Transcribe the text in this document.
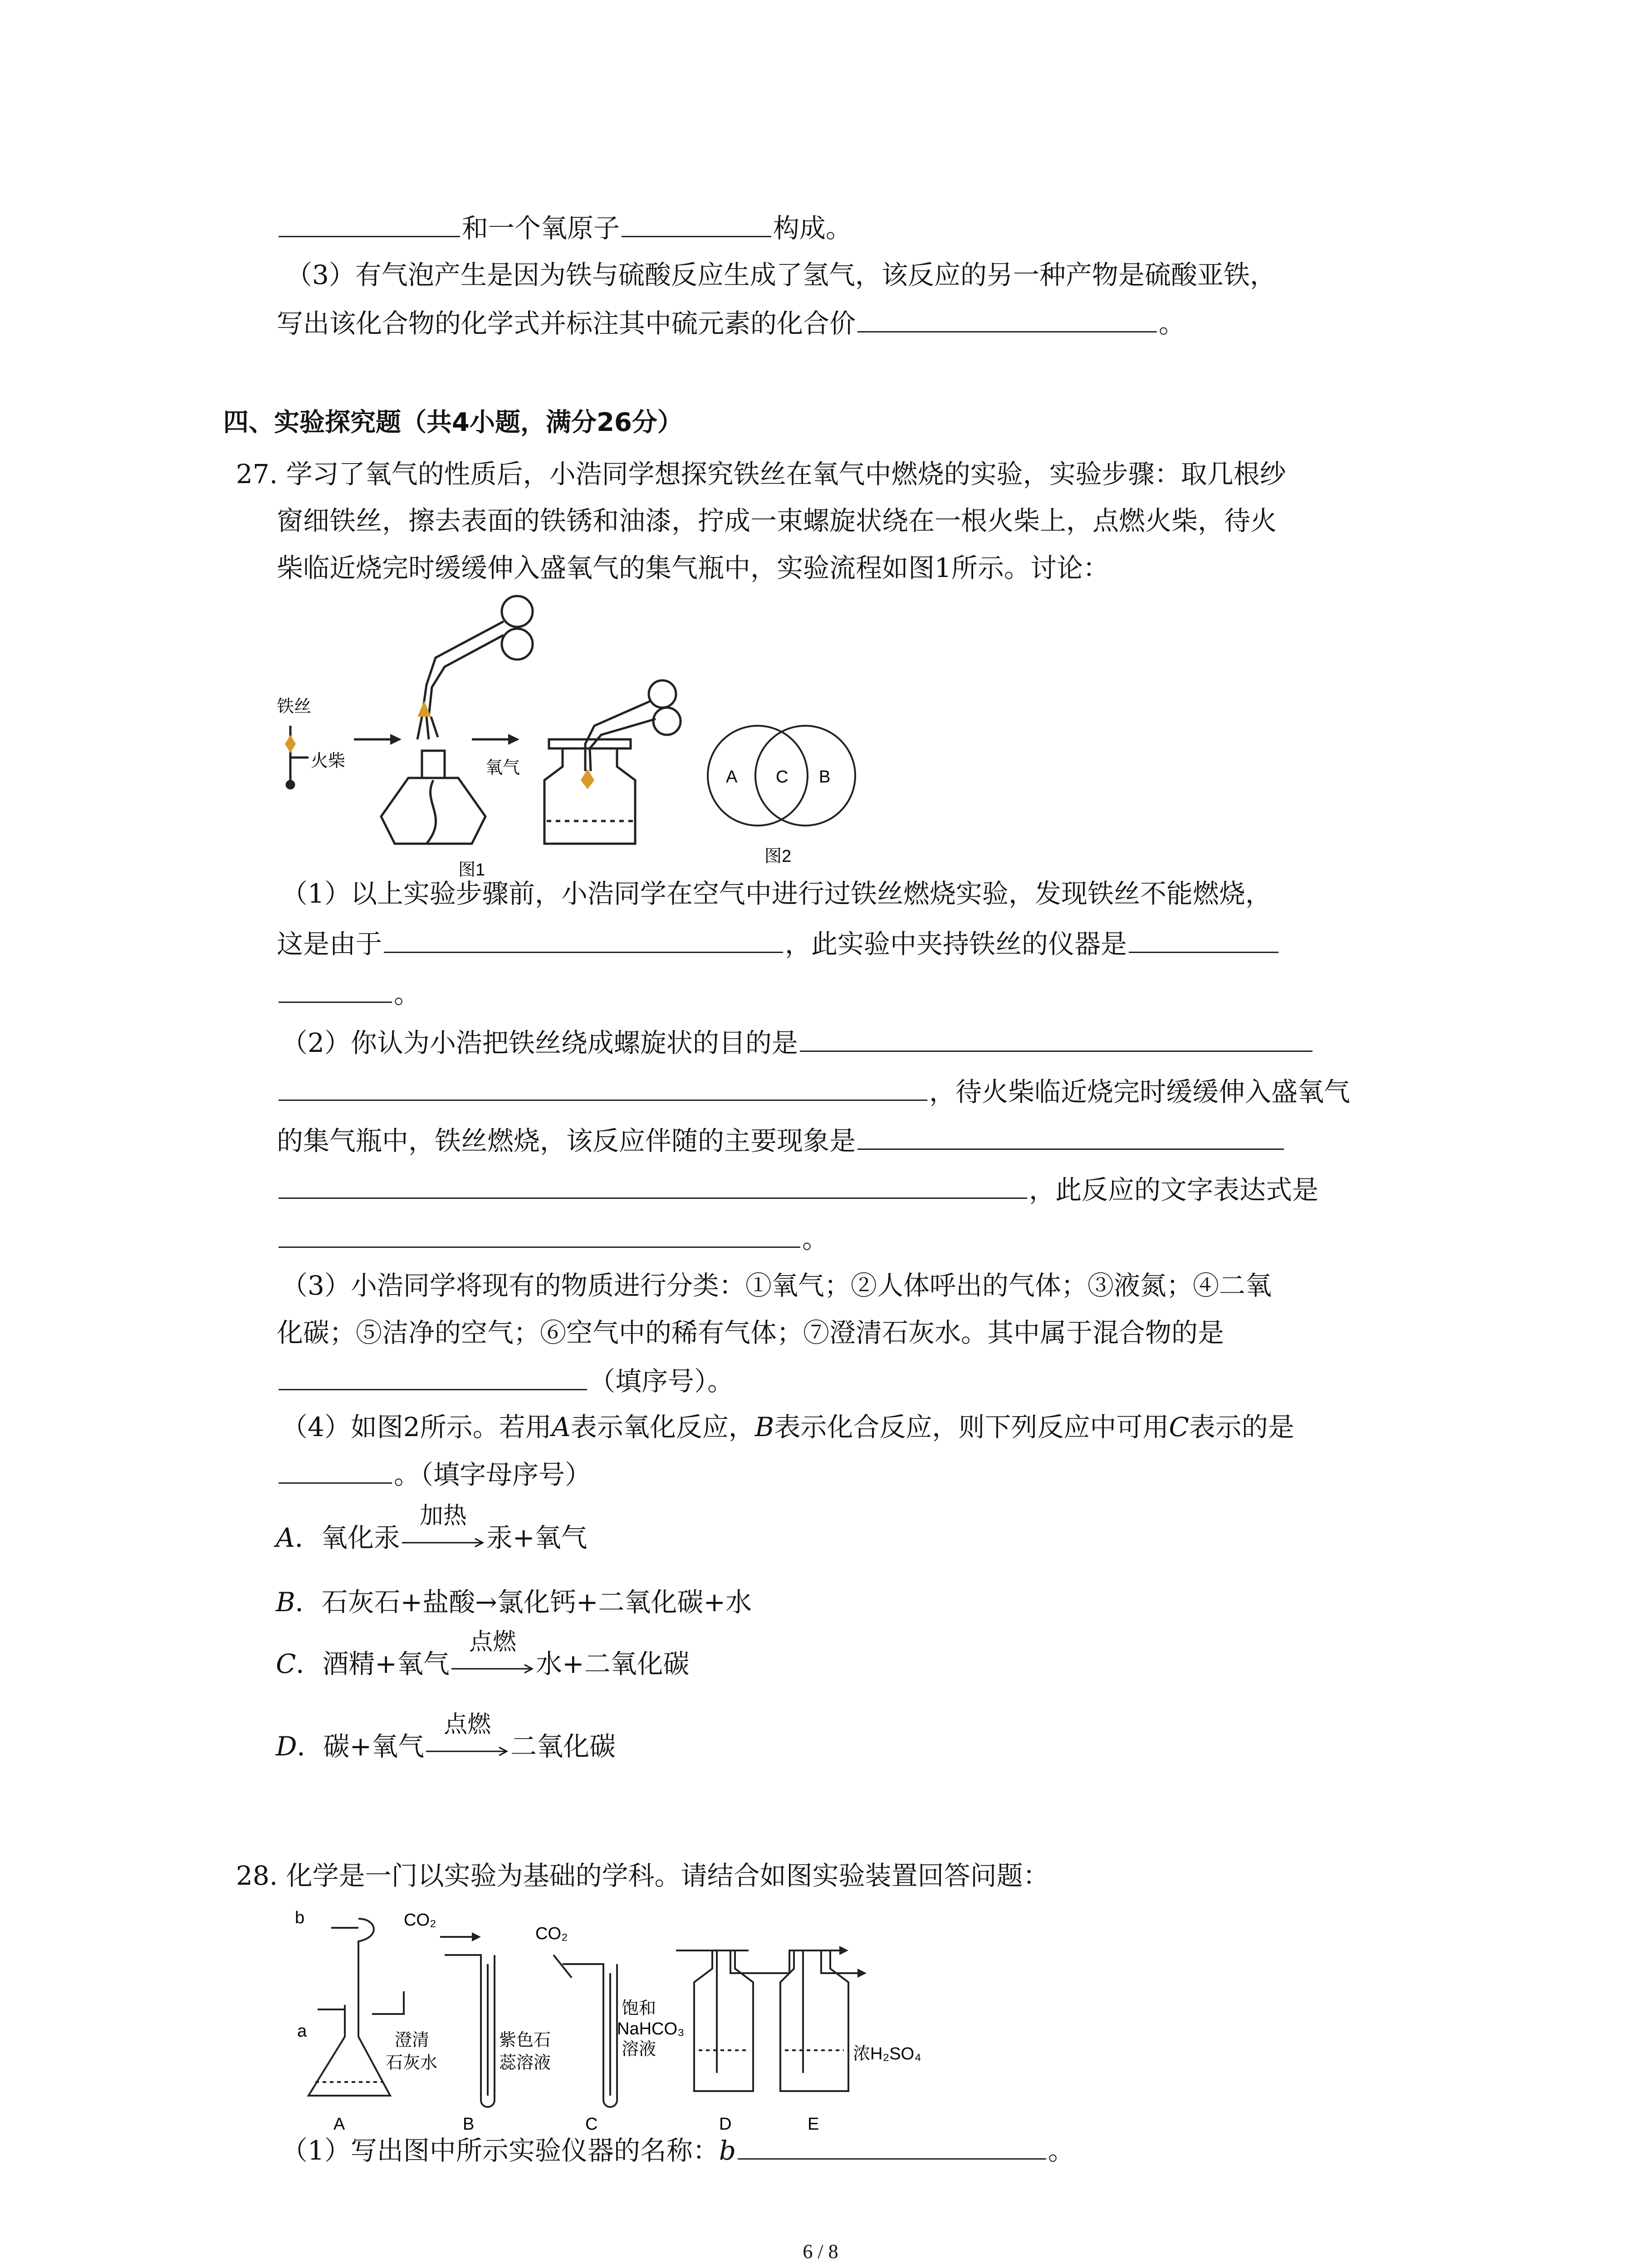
和一个氧原子	构成。
（3）有气泡产生是因为铁与硫酸反应生成了氢气，该反应的另一种产物是硫酸亚铁，
写出该化合物的化学式并标注其中硫元素的化合价	。
四、实验探究题（共4小题，满分26分）
27. 学习了氧气的性质后，小浩同学想探究铁丝在氧气中燃烧的实验，实验步骤：取几根纱
窗细铁丝，擦去表面的铁锈和油漆，拧成一束螺旋状绕在一根火柴上，点燃火柴，待火
柴临近烧完时缓缓伸入盛氧气的集气瓶中，实验流程如图1所示。讨论：
铁丝
火柴	氧气
图1
A C B
图2
（1）以上实验步骤前，小浩同学在空气中进行过铁丝燃烧实验，发现铁丝不能燃烧，
这是由于	，此实验中夹持铁丝的仪器是
。
（2）你认为小浩把铁丝绕成螺旋状的目的是
，待火柴临近烧完时缓缓伸入盛氧气
的集气瓶中，铁丝燃烧，该反应伴随的主要现象是
，此反应的文字表达式是
。
（3）小浩同学将现有的物质进行分类：①氧气；②人体呼出的气体；③液氮；④二氧
化碳；⑤洁净的空气；⑥空气中的稀有气体；⑦澄清石灰水。其中属于混合物的是
（填序号）。
（4）如图2所示。若用A表示氧化反应，B表示化合反应，则下列反应中可用C表示的是
。（填字母序号）
A．氧化汞
加热
汞+氧气
B．石灰石+盐酸→氯化钙+二氧化碳+水
C．酒精+氧气
点燃
水+二氧化碳
D．碳+氧气
点燃
二氧化碳
28. 化学是一门以实验为基础的学科。请结合如图实验装置回答问题：
b
a
CO₂
CO₂
澄清
石灰水
紫色石
蕊溶液
饱和
NaHCO₃
溶液	浓H₂SO₄
A	B	C	D	E
（1）写出图中所示实验仪器的名称：b	。
6 / 8
